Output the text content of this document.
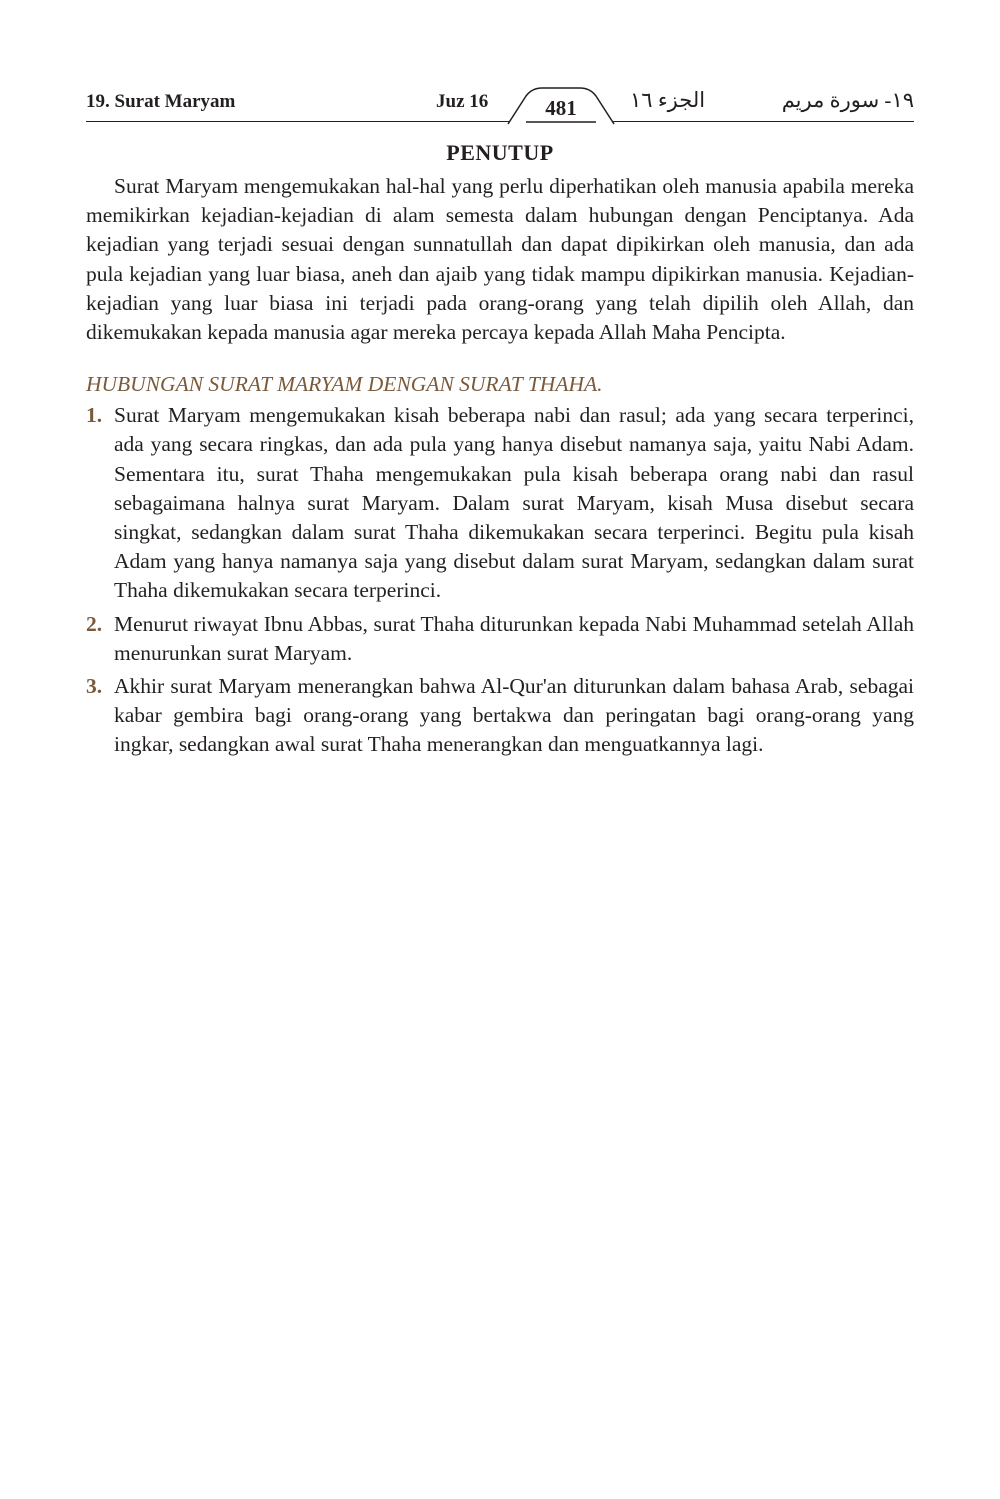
19. Surat Maryam	Juz 16	481	الجزء ١٦	١٩- سورة مريم
PENUTUP

Surat Maryam mengemukakan hal-hal yang perlu diperhatikan oleh manusia apabila mereka memikirkan kejadian-kejadian di alam semesta dalam hubungan dengan Penciptanya. Ada kejadian yang terjadi sesuai dengan sunnatullah dan dapat dipikirkan oleh manusia, dan ada pula kejadian yang luar biasa, aneh dan ajaib yang tidak mampu dipikirkan manusia. Kejadian-kejadian yang luar biasa ini terjadi pada orang-orang yang telah dipilih oleh Allah, dan dikemukakan kepada manusia agar mereka percaya kepada Allah Maha Pencipta.

HUBUNGAN SURAT MARYAM DENGAN SURAT THAHA.
1. Surat Maryam mengemukakan kisah beberapa nabi dan rasul; ada yang secara terperinci, ada yang secara ringkas, dan ada pula yang hanya disebut namanya saja, yaitu Nabi Adam. Sementara itu, surat Thaha mengemukakan pula kisah beberapa orang nabi dan rasul sebagaimana halnya surat Maryam. Dalam surat Maryam, kisah Musa disebut secara singkat, sedangkan dalam surat Thaha dikemukakan secara terperinci. Begitu pula kisah Adam yang hanya namanya saja yang disebut dalam surat Maryam, sedangkan dalam surat Thaha dikemukakan secara terperinci.
2. Menurut riwayat Ibnu Abbas, surat Thaha diturunkan kepada Nabi Muhammad setelah Allah menurunkan surat Maryam.
3. Akhir surat Maryam menerangkan bahwa Al-Qur'an diturunkan dalam bahasa Arab, sebagai kabar gembira bagi orang-orang yang bertakwa dan peringatan bagi orang-orang yang ingkar, sedangkan awal surat Thaha menerangkan dan menguatkannya lagi.
